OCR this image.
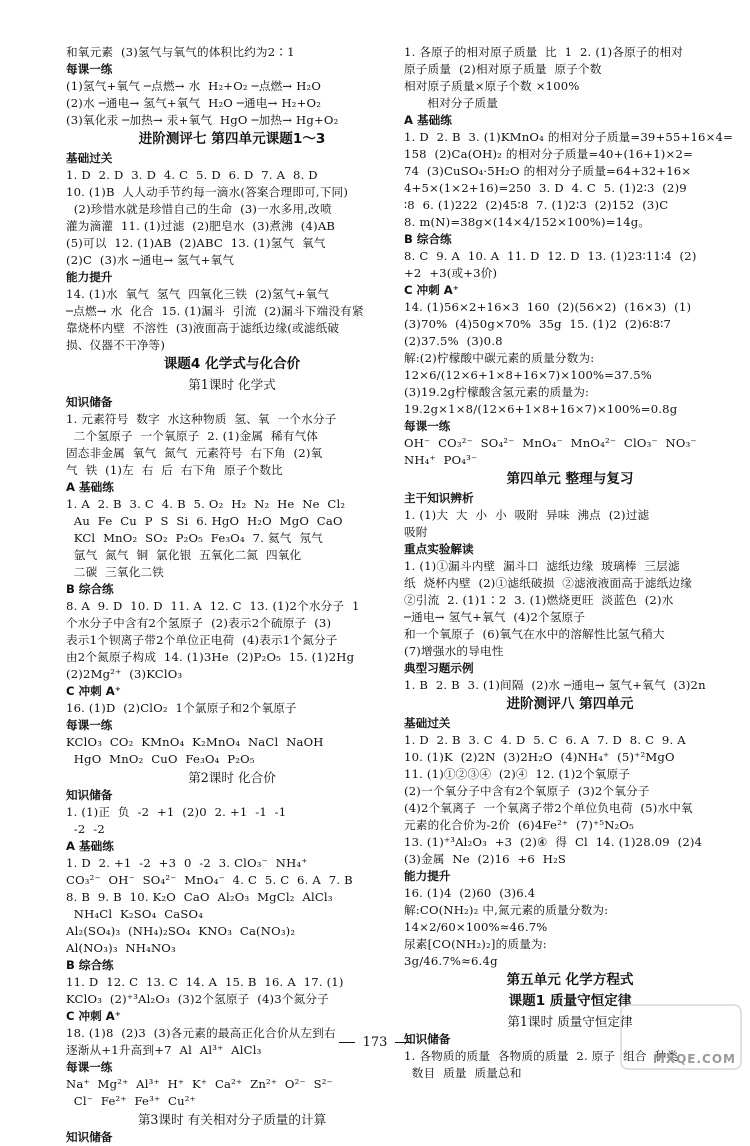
和氧元素  (3)氢气与氧气的体积比约为2∶1
每课一练
(1)氢气+氧气 ─点燃→ 水  H₂+O₂ ─点燃→ H₂O
(2)水 ─通电→ 氢气+氧气  H₂O ─通电→ H₂+O₂
(3)氧化汞 ─加热→ 汞+氧气  HgO ─加热→ Hg+O₂
进阶测评七 第四单元课题1～3
基础过关
1. D  2. D  3. D  4. C  5. D  6. D  7. A  8. D
10. (1)B  人人动手节约每一滴水(答案合理即可,下同)
(2)珍惜水就是珍惜自己的生命  (3)一水多用,改喷
灌为滴灌  11. (1)过滤  (2)肥皂水  (3)煮沸  (4)AB
(5)可以  12. (1)AB  (2)ABC  13. (1)氢气  氧气
(2)C  (3)水 ─通电→ 氢气+氧气
能力提升
14. (1)水  氧气  氢气  四氧化三铁  (2)氢气+氧气
─点燃→ 水  化合  15. (1)漏斗  引流  (2)漏斗下端没有紧
靠烧杯内壁  不溶性  (3)液面高于滤纸边缘(或滤纸破
损、仪器不干净等)
课题4 化学式与化合价
第1课时 化学式
知识储备
1. 元素符号  数字  水这种物质  氢、氧  一个水分子
二个氢原子  一个氧原子  2. (1)金属  稀有气体
固态非金属  氧气  氮气  元素符号  右下角  (2)氧
气  铁  (1)左  右  后  右下角  原子个数比
A 基础练
1. A  2. B  3. C  4. B  5. O₂  H₂  N₂  He  Ne  Cl₂
Au  Fe  Cu  P  S  Si  6. HgO  H₂O  MgO  CaO
KCl  MnO₂  SO₂  P₂O₅  Fe₃O₄  7. 氦气  氖气
氩气  氮气  铜  氯化银  五氧化二氮  四氧化
二碳  三氧化二铁
B 综合练
8. A  9. D  10. D  11. A  12. C  13. (1)2个水分子  1
个水分子中含有2个氢原子  (2)表示2个硫原子  (3)
表示1个钡离子带2个单位正电荷  (4)表示1个氮分子
由2个氮原子构成  14. (1)3He  (2)P₂O₅  15. (1)2Hg
(2)2Mg²⁺  (3)KClO₃
C 冲刺 A⁺
16. (1)D  (2)ClO₂  1个氯原子和2个氧原子
每课一练
KClO₃  CO₂  KMnO₄  K₂MnO₄  NaCl  NaOH
HgO  MnO₂  CuO  Fe₃O₄  P₂O₅
第2课时 化合价
知识储备
1. (1)正  负  -2  +1  (2)0  2. +1  -1  -1
-2  -2
A 基础练
1. D  2. +1  -2  +3  0  -2  3. ClO₃⁻  NH₄⁺
CO₃²⁻  OH⁻  SO₄²⁻  MnO₄⁻  4. C  5. C  6. A  7. B
8. B  9. B  10. K₂O  CaO  Al₂O₃  MgCl₂  AlCl₃
NH₄Cl  K₂SO₄  CaSO₄
Al₂(SO₄)₃  (NH₄)₂SO₄  KNO₃  Ca(NO₃)₂
Al(NO₃)₃  NH₄NO₃
B 综合练
11. D  12. C  13. C  14. A  15. B  16. A  17. (1)
KClO₃  (2)⁺³Al₂O₃  (3)2个氢原子  (4)3个氮分子
C 冲刺 A⁺
18. (1)8  (2)3  (3)各元素的最高正化合价从左到右
逐渐从+1升高到+7  Al  Al³⁺  AlCl₃
每课一练
Na⁺  Mg²⁺  Al³⁺  H⁺  K⁺  Ca²⁺  Zn²⁺  O²⁻  S²⁻
Cl⁻  Fe²⁺  Fe³⁺  Cu²⁺
第3课时 有关相对分子质量的计算
知识储备
1. 各原子的相对原子质量  比  1  2. (1)各原子的相对
原子质量  (2)相对原子质量  原子个数
相对原子质量×原子个数 ×100%
相对分子质量
A 基础练
1. D  2. B  3. (1)KMnO₄ 的相对分子质量=39+55+16×4=
158  (2)Ca(OH)₂ 的相对分子质量=40+(16+1)×2=
74  (3)CuSO₄·5H₂O 的相对分子质量=64+32+16×
4+5×(1×2+16)=250  3. D  4. C  5. (1)2∶3  (2)9
∶8  6. (1)222  (2)45∶8  7. (1)2∶3  (2)152  (3)C
8. m(N)=38g×(14×4/152×100%)=14g。
B 综合练
8. C  9. A  10. A  11. D  12. D  13. (1)23∶11∶4  (2)
+2  +3(或+3价)
C 冲刺 A⁺
14. (1)56×2+16×3  160  (2)(56×2)  (16×3)  (1)
(3)70%  (4)50g×70%  35g  15. (1)2  (2)6∶8∶7
(2)37.5%  (3)0.8
解:(2)柠檬酸中碳元素的质量分数为:
12×6/(12×6+1×8+16×7)×100%=37.5%
(3)19.2g柠檬酸含氢元素的质量为:
19.2g×1×8/(12×6+1×8+16×7)×100%=0.8g
每课一练
OH⁻  CO₃²⁻  SO₄²⁻  MnO₄⁻  MnO₄²⁻  ClO₃⁻  NO₃⁻
NH₄⁺  PO₄³⁻
第四单元 整理与复习
主干知识辨析
1. (1)大  大  小  小  吸附  异味  沸点  (2)过滤
吸附
重点实验解读
1. (1)①漏斗内壁  漏斗口  滤纸边缘  玻璃棒  三层滤
纸  烧杯内壁  (2)①滤纸破损  ②滤液液面高于滤纸边缘
②引流  2. (1)1∶2  3. (1)燃烧更旺  淡蓝色  (2)水
─通电→ 氢气+氧气  (4)2个氢原子
和一个氧原子  (6)氧气在水中的溶解性比氢气稍大
(7)增强水的导电性
典型习题示例
1. B  2. B  3. (1)间隔  (2)水 ─通电→ 氢气+氧气  (3)2n
进阶测评八 第四单元
基础过关
1. D  2. B  3. C  4. D  5. C  6. A  7. D  8. C  9. A
10. (1)K  (2)2N  (3)2H₂O  (4)NH₄⁺  (5)⁺²MgO
11. (1)①②③④  (2)④  12. (1)2个氧原子
(2)一个氧分子中含有2个氧原子  (3)2个氧分子
(4)2个氧离子  一个氧离子带2个单位负电荷  (5)水中氧
元素的化合价为-2价  (6)4Fe²⁺  (7)⁺⁵N₂O₅
13. (1)⁺³Al₂O₃  +3  (2)④  得  Cl  14. (1)28.09  (2)4
(3)金属  Ne  (2)16  +6  H₂S
能力提升
16. (1)4  (2)60  (3)6.4
解:CO(NH₂)₂ 中,氮元素的质量分数为:
14×2/60×100%≈46.7%
尿素[CO(NH₂)₂]的质量为:
3g/46.7%≈6.4g
第五单元 化学方程式
课题1 质量守恒定律
第1课时 质量守恒定律
知识储备
1. 各物质的质量  各物质的质量  2. 原子  组合  种类
数目  质量  质量总和
173
MXQE.COM
